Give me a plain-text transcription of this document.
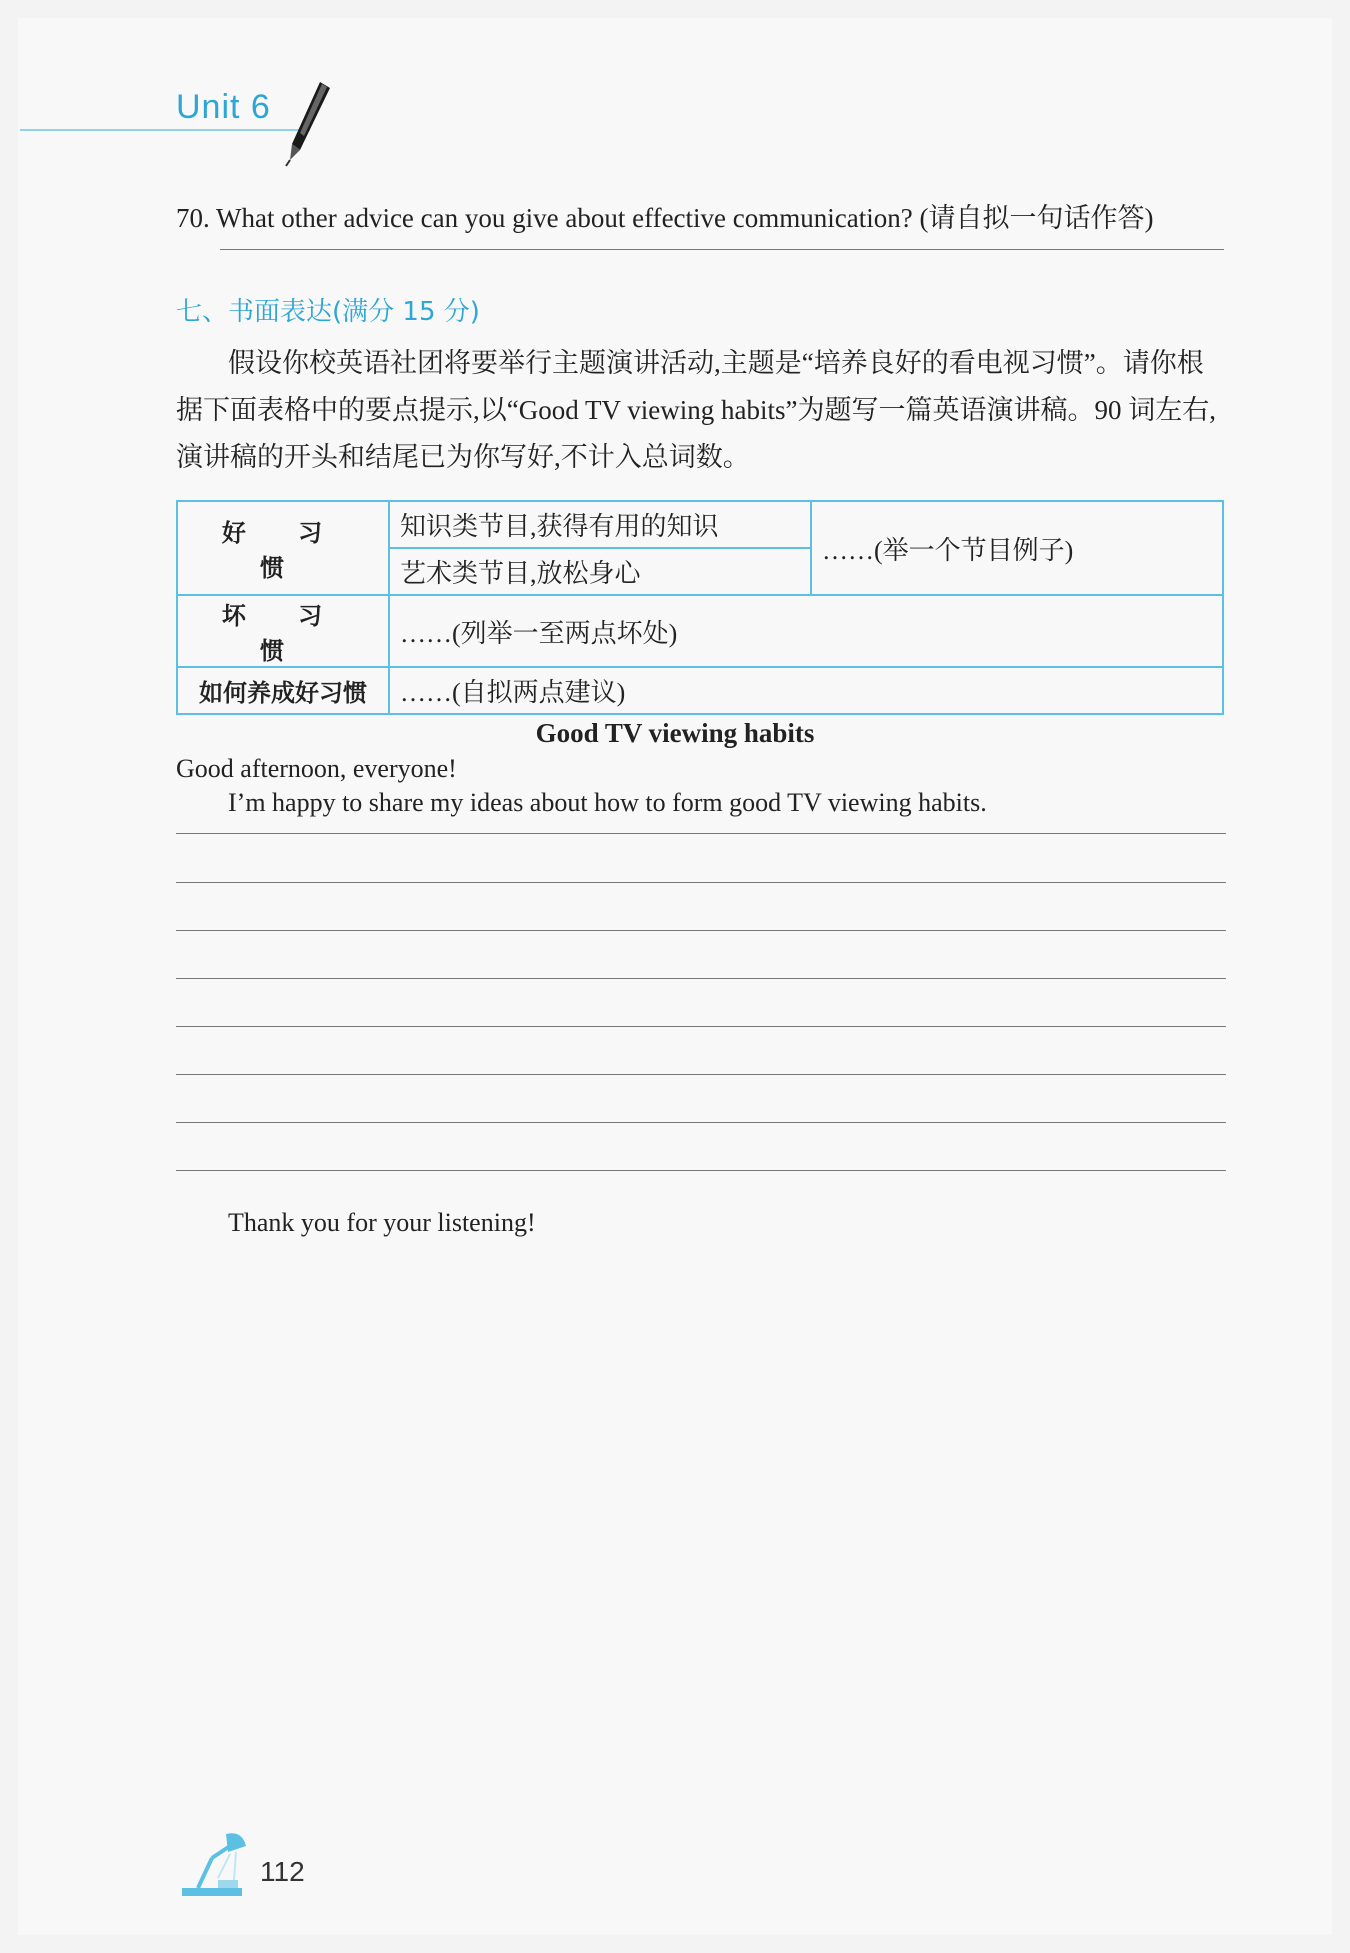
Unit 6
70. What other advice can you give about effective communication? (请自拟一句话作答)
七、书面表达(满分 15 分)
假设你校英语社团将要举行主题演讲活动,主题是“培养良好的看电视习惯”。请你根据下面表格中的要点提示,以“Good TV viewing habits”为题写一篇英语演讲稿。90 词左右,演讲稿的开头和结尾已为你写好,不计入总词数。
好 习 惯	知识类节目,获得有用的知识	……(举一个节目例子)
	艺术类节目,放松身心	
坏 习 惯	……(列举一至两点坏处)	
如何养成好习惯	……(自拟两点建议)	
Good TV viewing habits
Good afternoon, everyone!
I’m happy to share my ideas about how to form good TV viewing habits.
Thank you for your listening!
112
